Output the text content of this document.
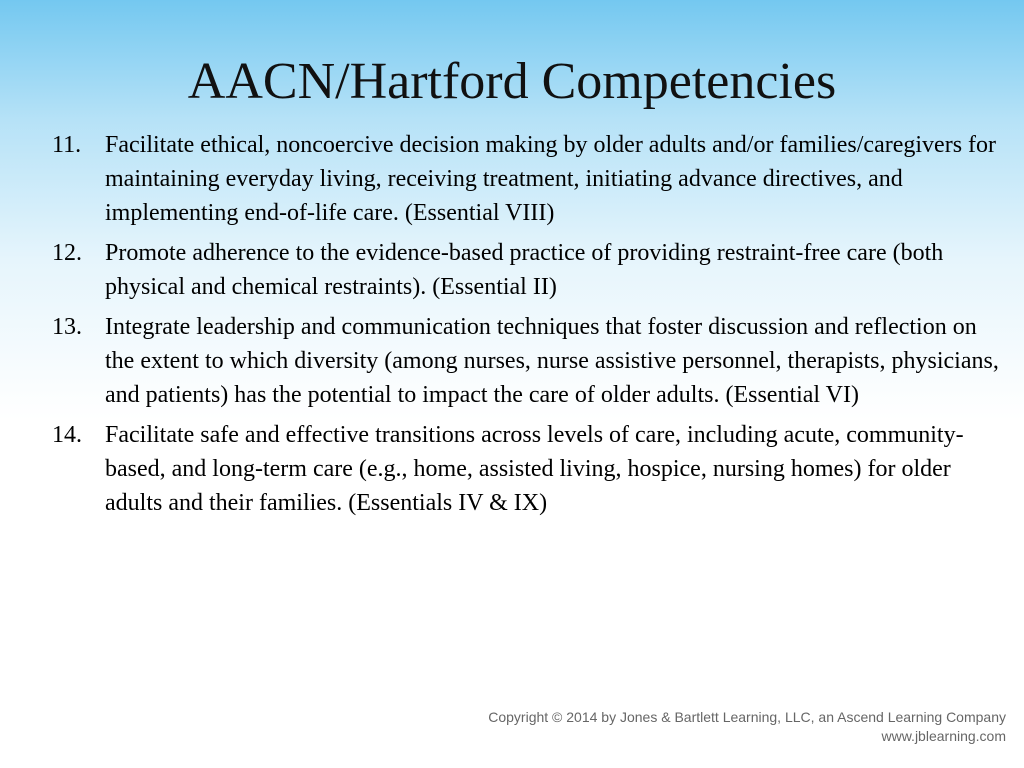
AACN/Hartford Competencies
11. Facilitate ethical, noncoercive decision making by older adults and/or families/caregivers for maintaining everyday living, receiving treatment, initiating advance directives, and implementing end-of-life care. (Essential VIII)
12. Promote adherence to the evidence-based practice of providing restraint-free care (both physical and chemical restraints). (Essential II)
13. Integrate leadership and communication techniques that foster discussion and reflection on the extent to which diversity (among nurses, nurse assistive personnel, therapists, physicians, and patients) has the potential to impact the care of older adults. (Essential VI)
14. Facilitate safe and effective transitions across levels of care, including acute, community-based, and long-term care (e.g., home, assisted living, hospice, nursing homes) for older adults and their families. (Essentials IV & IX)
Copyright © 2014 by Jones & Bartlett Learning, LLC, an Ascend Learning Company
www.jblearning.com
